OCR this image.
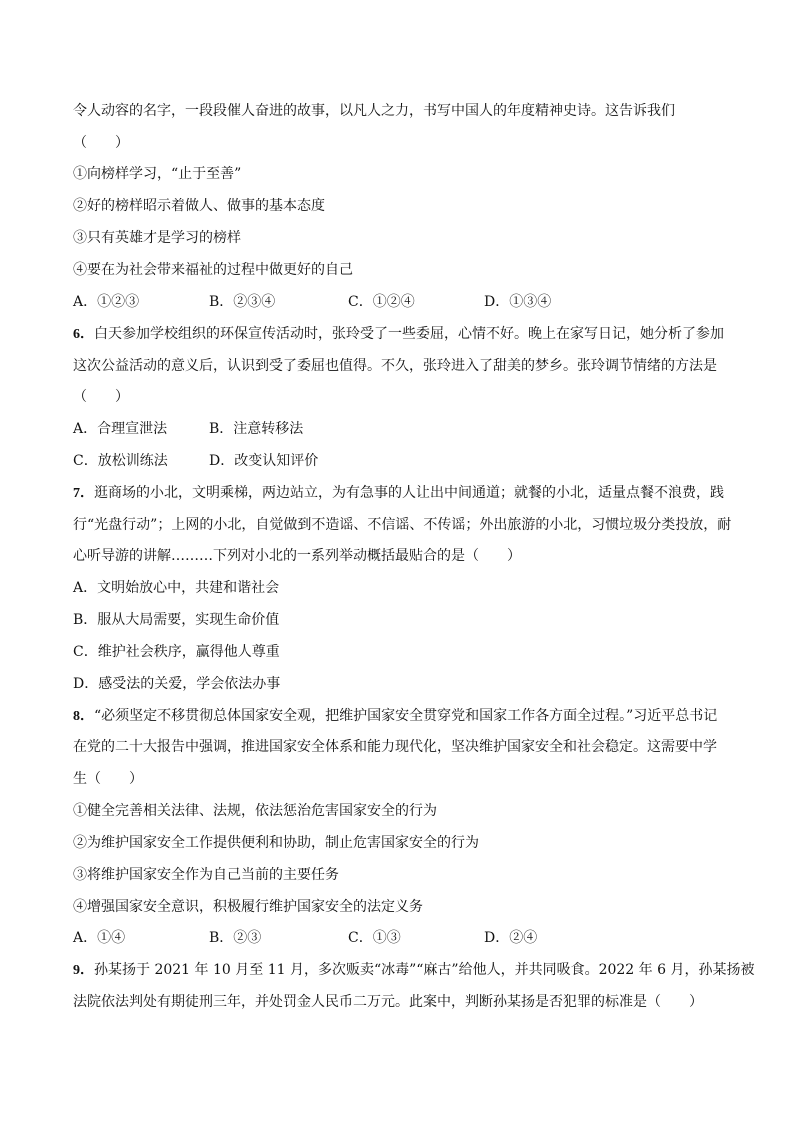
令人动容的名字，一段段催人奋进的故事，以凡人之力，书写中国人的年度精神史诗。这告诉我们
（　　）
①向榜样学习，“止于至善”
②好的榜样昭示着做人、做事的基本态度
③只有英雄才是学习的榜样
④要在为社会带来福祉的过程中做更好的自己
A．①②③	B．②③④	C．①②④	D．①③④
6．白天参加学校组织的环保宣传活动时，张玲受了一些委屈，心情不好。晚上在家写日记，她分析了参加
这次公益活动的意义后，认识到受了委屈也值得。不久，张玲进入了甜美的梦乡。张玲调节情绪的方法是
（　　）
A．合理宣泄法	B．注意转移法
C．放松训练法	D．改变认知评价
7．逛商场的小北，文明乘梯，两边站立，为有急事的人让出中间通道；就餐的小北，适量点餐不浪费，践
行“光盘行动”；上网的小北，自觉做到不造谣、不信谣、不传谣；外出旅游的小北，习惯垃圾分类投放，耐
心听导游的讲解………下列对小北的一系列举动概括最贴合的是（　　）
A．文明始放心中，共建和谐社会
B．服从大局需要，实现生命价值
C．维护社会秩序，赢得他人尊重
D．感受法的关爱，学会依法办事
8．“必须坚定不移贯彻总体国家安全观，把维护国家安全贯穿党和国家工作各方面全过程。”习近平总书记
在党的二十大报告中强调，推进国家安全体系和能力现代化，坚决维护国家安全和社会稳定。这需要中学
生（　　）
①健全完善相关法律、法规，依法惩治危害国家安全的行为
②为维护国家安全工作提供便利和协助，制止危害国家安全的行为
③将维护国家安全作为自己当前的主要任务
④增强国家安全意识，积极履行维护国家安全的法定义务
A．①④	B．②③	C．①③	D．②④
9．孙某扬于 2021 年 10 月至 11 月，多次贩卖“冰毒”“麻古”给他人，并共同吸食。2022 年 6 月，孙某扬被
法院依法判处有期徒刑三年，并处罚金人民币二万元。此案中，判断孙某扬是否犯罪的标准是（　　）
